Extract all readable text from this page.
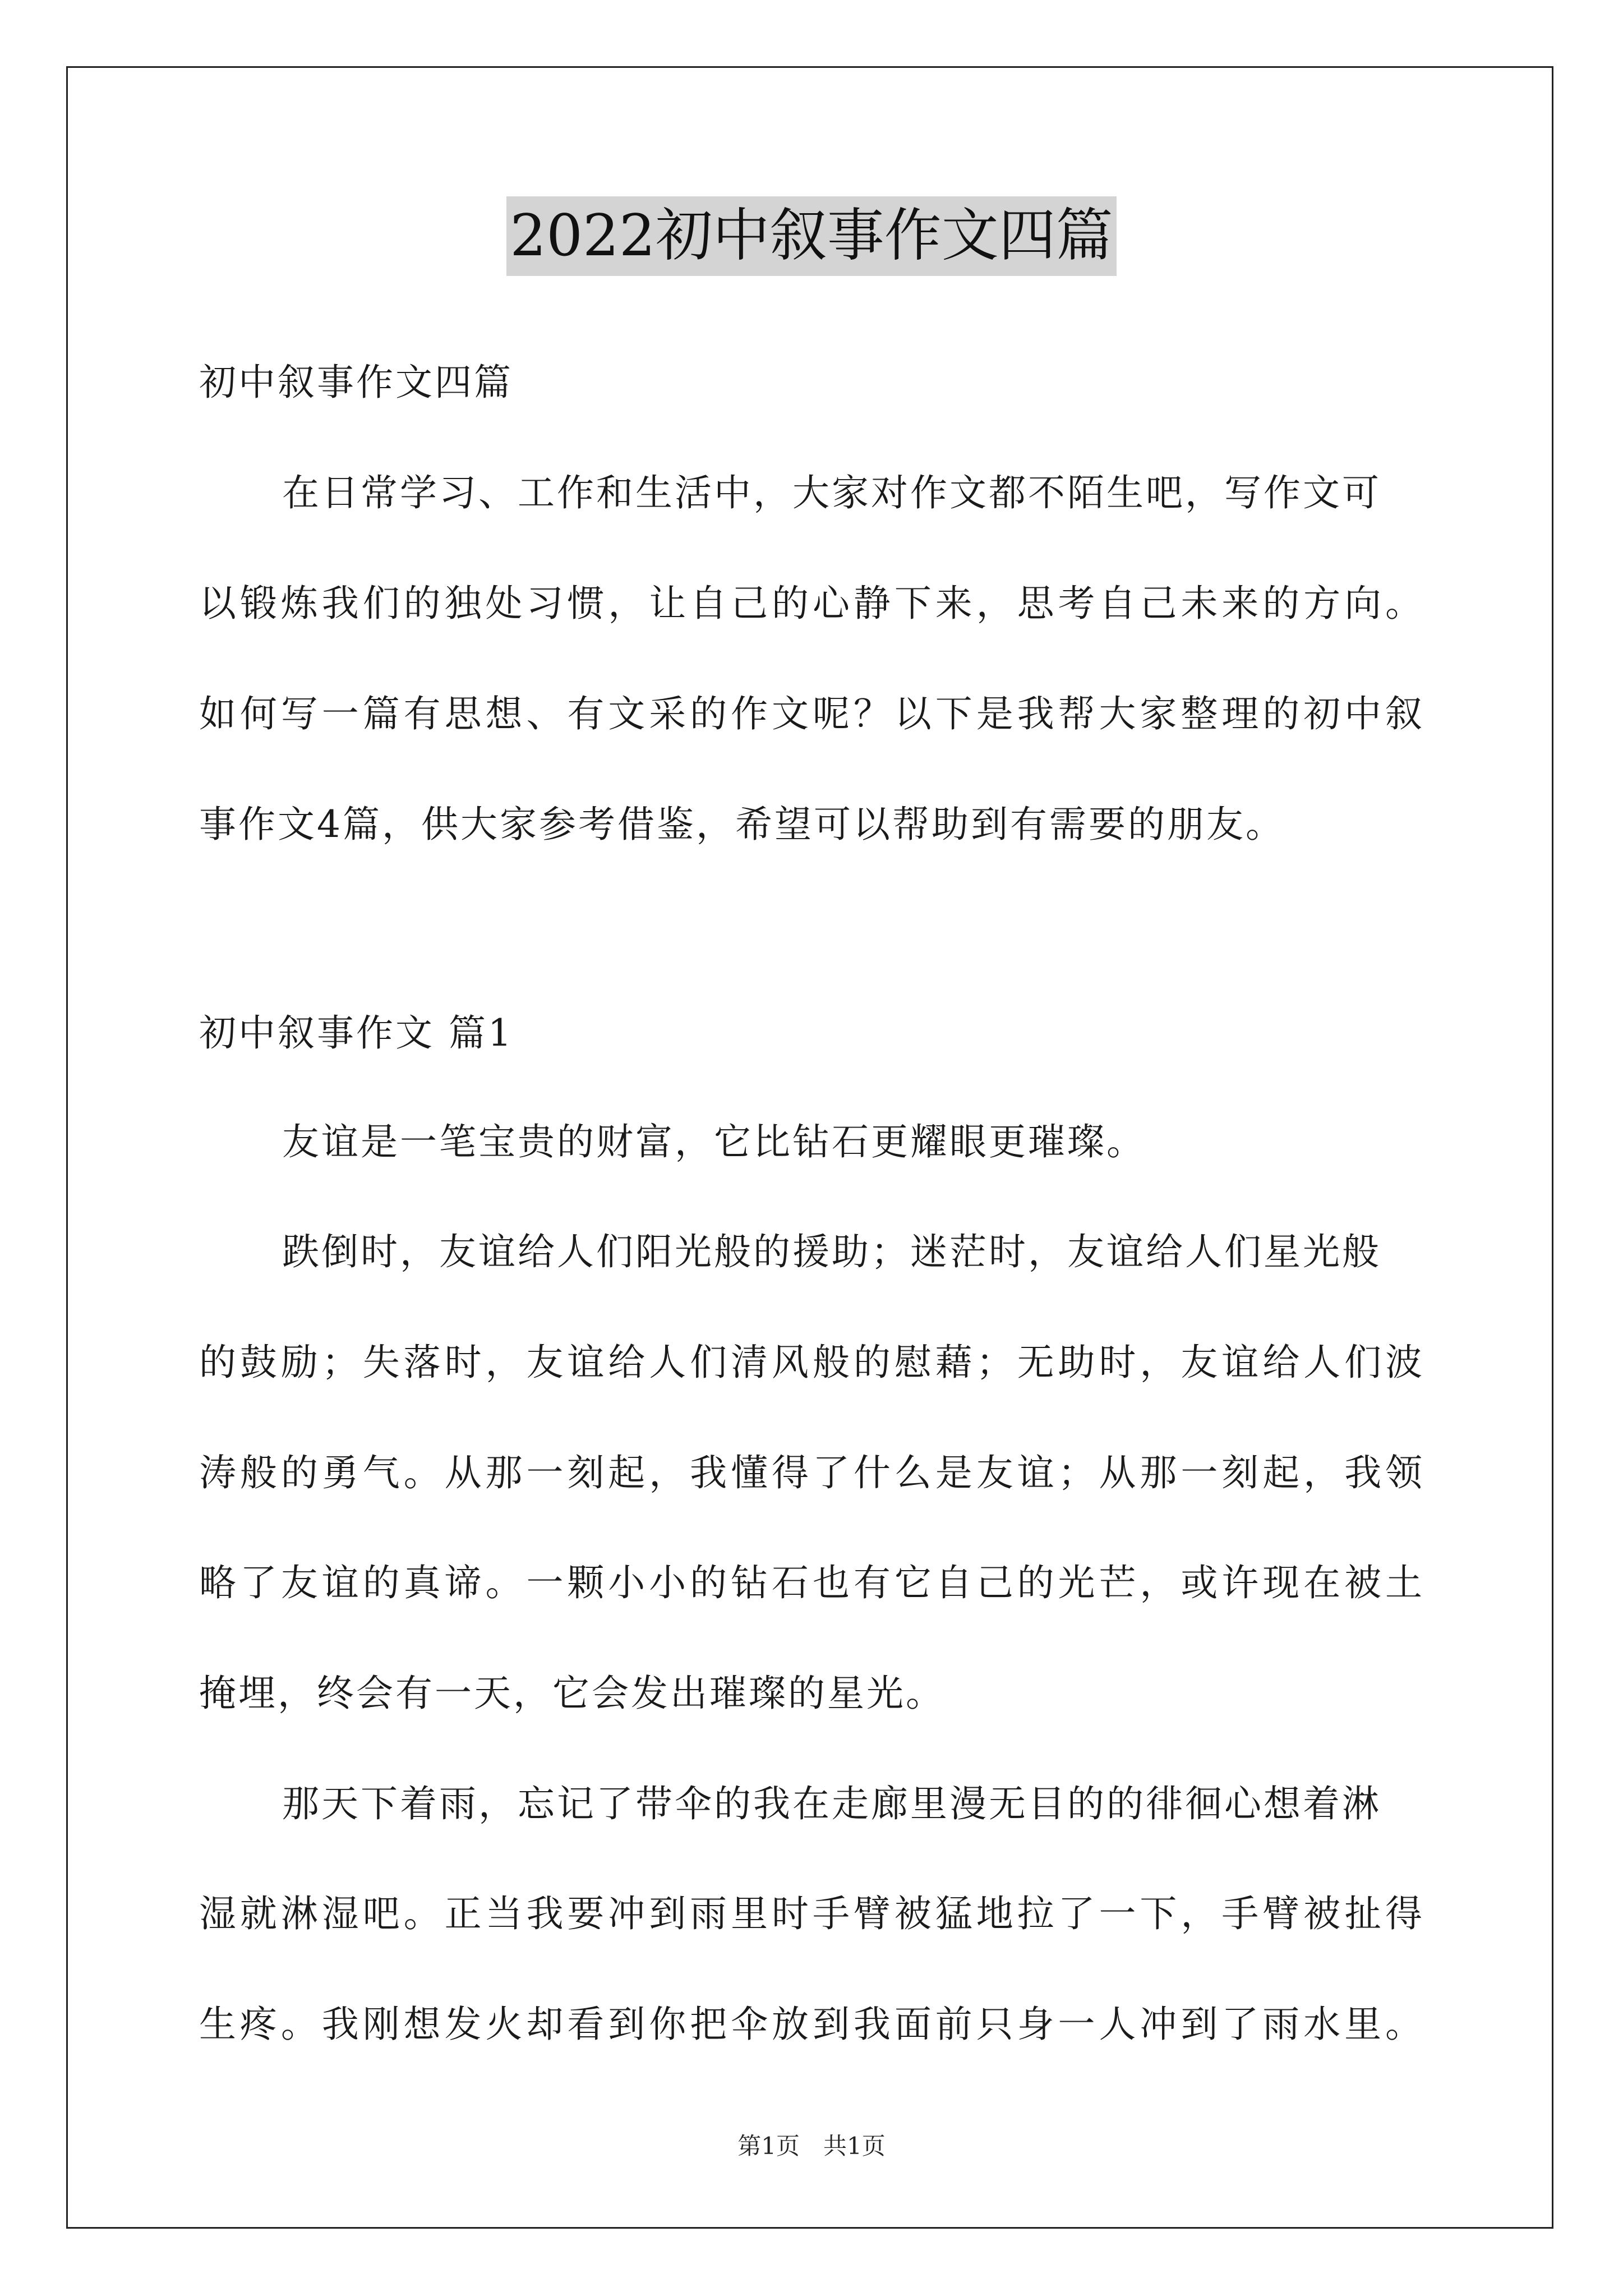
2022初中叙事作文四篇
初中叙事作文四篇
在日常学习、工作和生活中，大家对作文都不陌生吧，写作文可
以锻炼我们的独处习惯，让自己的心静下来，思考自己未来的方向。
如何写一篇有思想、有文采的作文呢？以下是我帮大家整理的初中叙
事作文4篇，供大家参考借鉴，希望可以帮助到有需要的朋友。
初中叙事作文 篇1
友谊是一笔宝贵的财富，它比钻石更耀眼更璀璨。
跌倒时，友谊给人们阳光般的援助；迷茫时，友谊给人们星光般
的鼓励；失落时，友谊给人们清风般的慰藉；无助时，友谊给人们波
涛般的勇气。从那一刻起，我懂得了什么是友谊；从那一刻起，我领
略了友谊的真谛。一颗小小的钻石也有它自己的光芒，或许现在被土
掩埋，终会有一天，它会发出璀璨的星光。
那天下着雨，忘记了带伞的我在走廊里漫无目的的徘徊心想着淋
湿就淋湿吧。正当我要冲到雨里时手臂被猛地拉了一下，手臂被扯得
生疼。我刚想发火却看到你把伞放到我面前只身一人冲到了雨水里。
第1页　共1页
